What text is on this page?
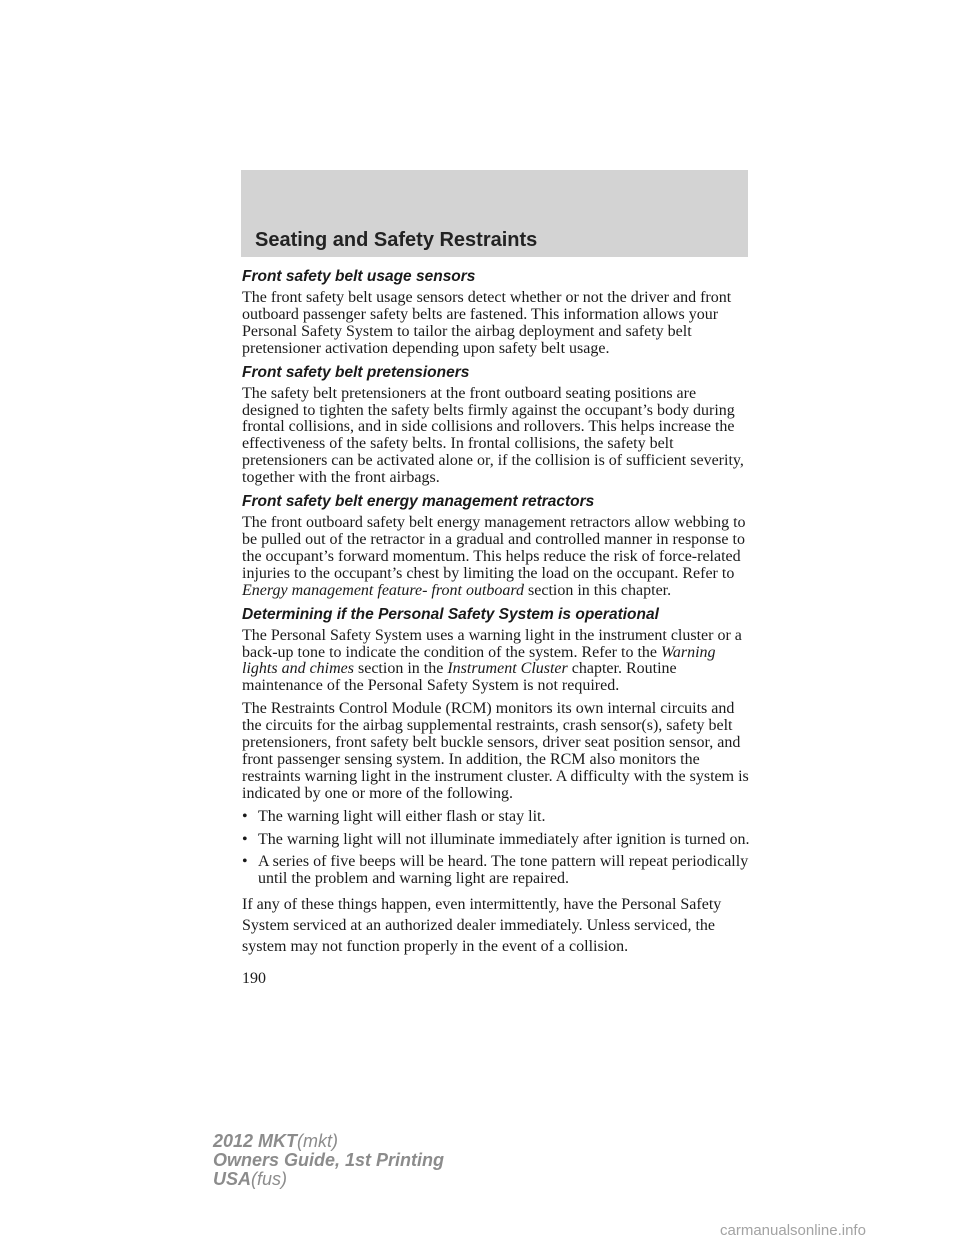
Seating and Safety Restraints
Front safety belt usage sensors

The front safety belt usage sensors detect whether or not the driver and front outboard passenger safety belts are fastened. This information allows your Personal Safety System to tailor the airbag deployment and safety belt pretensioner activation depending upon safety belt usage.

Front safety belt pretensioners

The safety belt pretensioners at the front outboard seating positions are designed to tighten the safety belts firmly against the occupant’s body during frontal collisions, and in side collisions and rollovers. This helps increase the effectiveness of the safety belts. In frontal collisions, the safety belt pretensioners can be activated alone or, if the collision is of sufficient severity, together with the front airbags.

Front safety belt energy management retractors

The front outboard safety belt energy management retractors allow webbing to be pulled out of the retractor in a gradual and controlled manner in response to the occupant’s forward momentum. This helps reduce the risk of force-related injuries to the occupant’s chest by limiting the load on the occupant. Refer to Energy management feature- front outboard section in this chapter.

Determining if the Personal Safety System is operational

The Personal Safety System uses a warning light in the instrument cluster or a back-up tone to indicate the condition of the system. Refer to the Warning lights and chimes section in the Instrument Cluster chapter. Routine maintenance of the Personal Safety System is not required.

The Restraints Control Module (RCM) monitors its own internal circuits and the circuits for the airbag supplemental restraints, crash sensor(s), safety belt pretensioners, front safety belt buckle sensors, driver seat position sensor, and front passenger sensing system. In addition, the RCM also monitors the restraints warning light in the instrument cluster. A difficulty with the system is indicated by one or more of the following.

• The warning light will either flash or stay lit.
• The warning light will not illuminate immediately after ignition is turned on.
• A series of five beeps will be heard. The tone pattern will repeat periodically until the problem and warning light are repaired.

If any of these things happen, even intermittently, have the Personal Safety System serviced at an authorized dealer immediately. Unless serviced, the system may not function properly in the event of a collision.

190
2012 MKT(mkt)
Owners Guide, 1st Printing
USA(fus)
carmanualsonline.info
